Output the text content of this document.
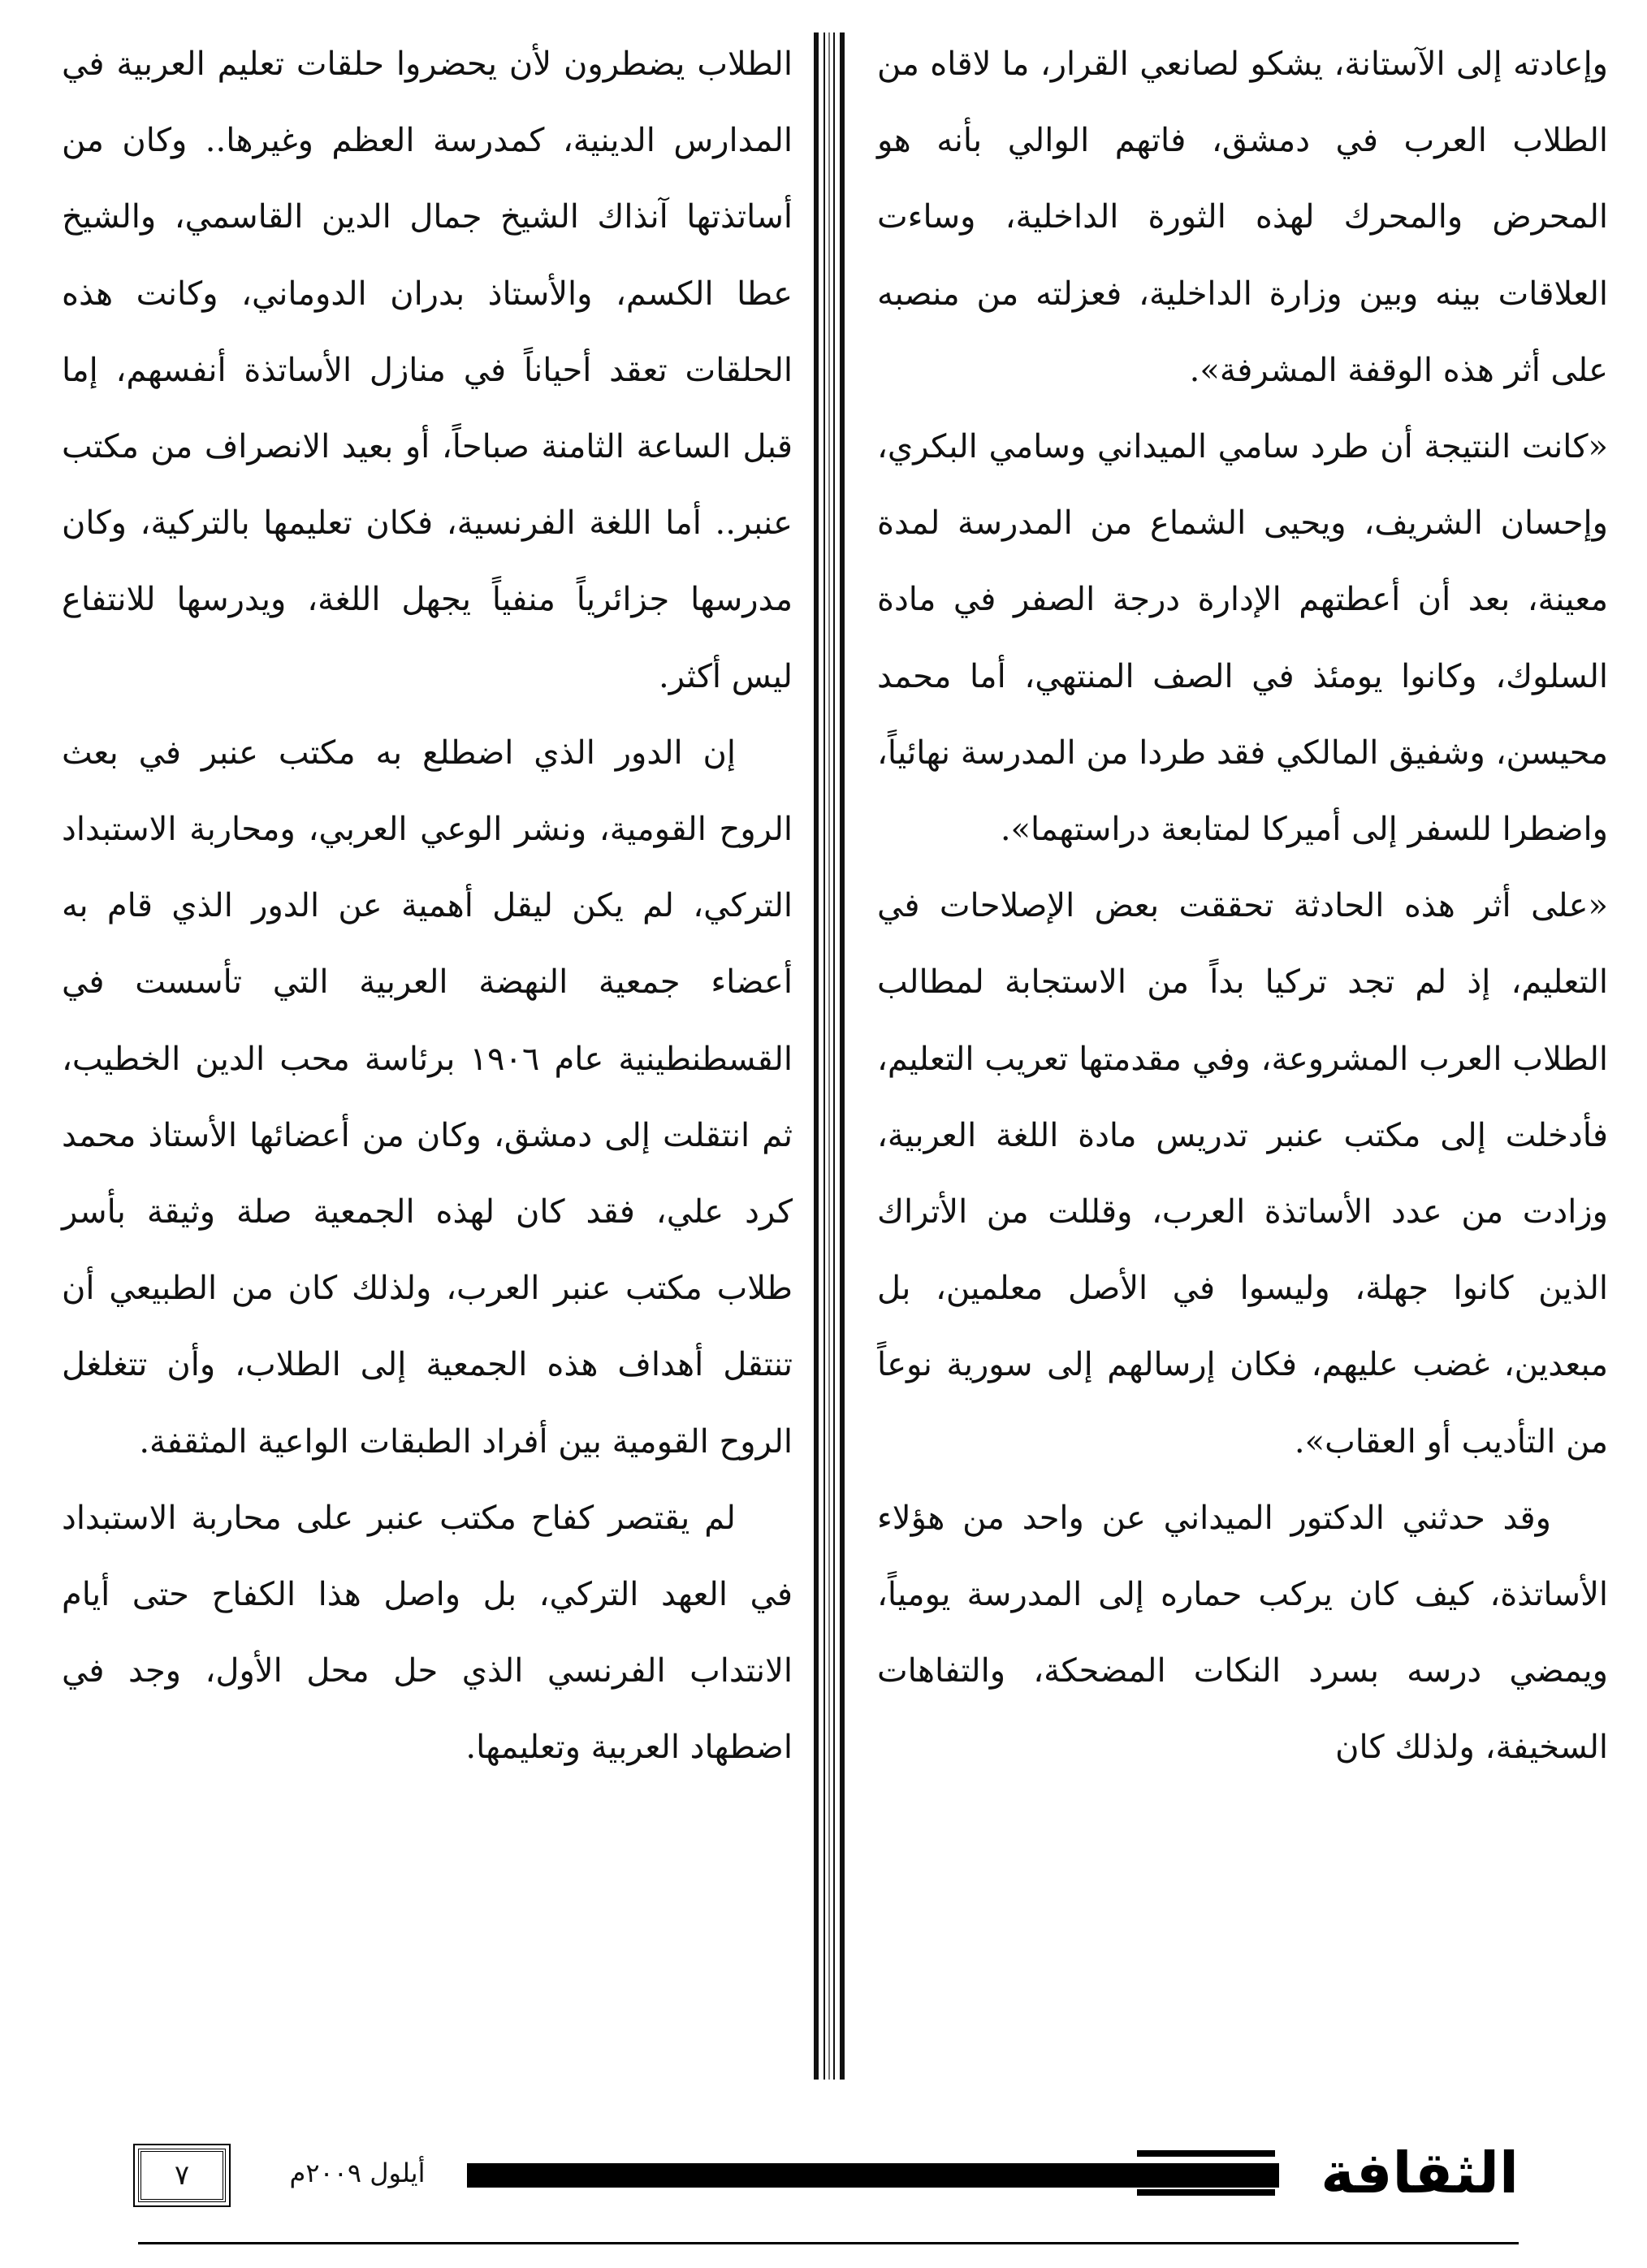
وإعادته إلى الآستانة، يشكو لصانعي القرار، ما لاقاه من الطلاب العرب في دمشق، فاتهم الوالي بأنه هو المحرض والمحرك لهذه الثورة الداخلية، وساءت العلاقات بينه وبين وزارة الداخلية، فعزلته من منصبه على أثر هذه الوقفة المشرفة».

«كانت النتيجة أن طرد سامي الميداني وسامي البكري، وإحسان الشريف، ويحيى الشماع من المدرسة لمدة معينة، بعد أن أعطتهم الإدارة درجة الصفر في مادة السلوك، وكانوا يومئذ في الصف المنتهي، أما محمد محيسن، وشفيق المالكي فقد طردا من المدرسة نهائياً، واضطرا للسفر إلى أميركا لمتابعة دراستهما».

«على أثر هذه الحادثة تحققت بعض الإصلاحات في التعليم، إذ لم تجد تركيا بداً من الاستجابة لمطالب الطلاب العرب المشروعة، وفي مقدمتها تعريب التعليم، فأدخلت إلى مكتب عنبر تدريس مادة اللغة العربية، وزادت من عدد الأساتذة العرب، وقللت من الأتراك الذين كانوا جهلة، وليسوا في الأصل معلمين، بل مبعدين، غضب عليهم، فكان إرسالهم إلى سورية نوعاً من التأديب أو العقاب».

وقد حدثني الدكتور الميداني عن واحد من هؤلاء الأساتذة، كيف كان يركب حماره إلى المدرسة يومياً، ويمضي درسه بسرد النكات المضحكة، والتفاهات السخيفة، ولذلك كان

الطلاب يضطرون لأن يحضروا حلقات تعليم العربية في المدارس الدينية، كمدرسة العظم وغيرها.. وكان من أساتذتها آنذاك الشيخ جمال الدين القاسمي، والشيخ عطا الكسم، والأستاذ بدران الدوماني، وكانت هذه الحلقات تعقد أحياناً في منازل الأساتذة أنفسهم، إما قبل الساعة الثامنة صباحاً، أو بعيد الانصراف من مكتب عنبر.. أما اللغة الفرنسية، فكان تعليمها بالتركية، وكان مدرسها جزائرياً منفياً يجهل اللغة، ويدرسها للانتفاع ليس أكثر.

إن الدور الذي اضطلع به مكتب عنبر في بعث الروح القومية، ونشر الوعي العربي، ومحاربة الاستبداد التركي، لم يكن ليقل أهمية عن الدور الذي قام به أعضاء جمعية النهضة العربية التي تأسست في القسطنطينية عام ١٩٠٦ برئاسة محب الدين الخطيب، ثم انتقلت إلى دمشق، وكان من أعضائها الأستاذ محمد كرد علي، فقد كان لهذه الجمعية صلة وثيقة بأسر طلاب مكتب عنبر العرب، ولذلك كان من الطبيعي أن تنتقل أهداف هذه الجمعية إلى الطلاب، وأن تتغلغل الروح القومية بين أفراد الطبقات الواعية المثقفة.

لم يقتصر كفاح مكتب عنبر على محاربة الاستبداد في العهد التركي، بل واصل هذا الكفاح حتى أيام الانتداب الفرنسي الذي حل محل الأول، وجد في اضطهاد العربية وتعليمها.

الثقافة
أيلول ٢٠٠٩م
٧
